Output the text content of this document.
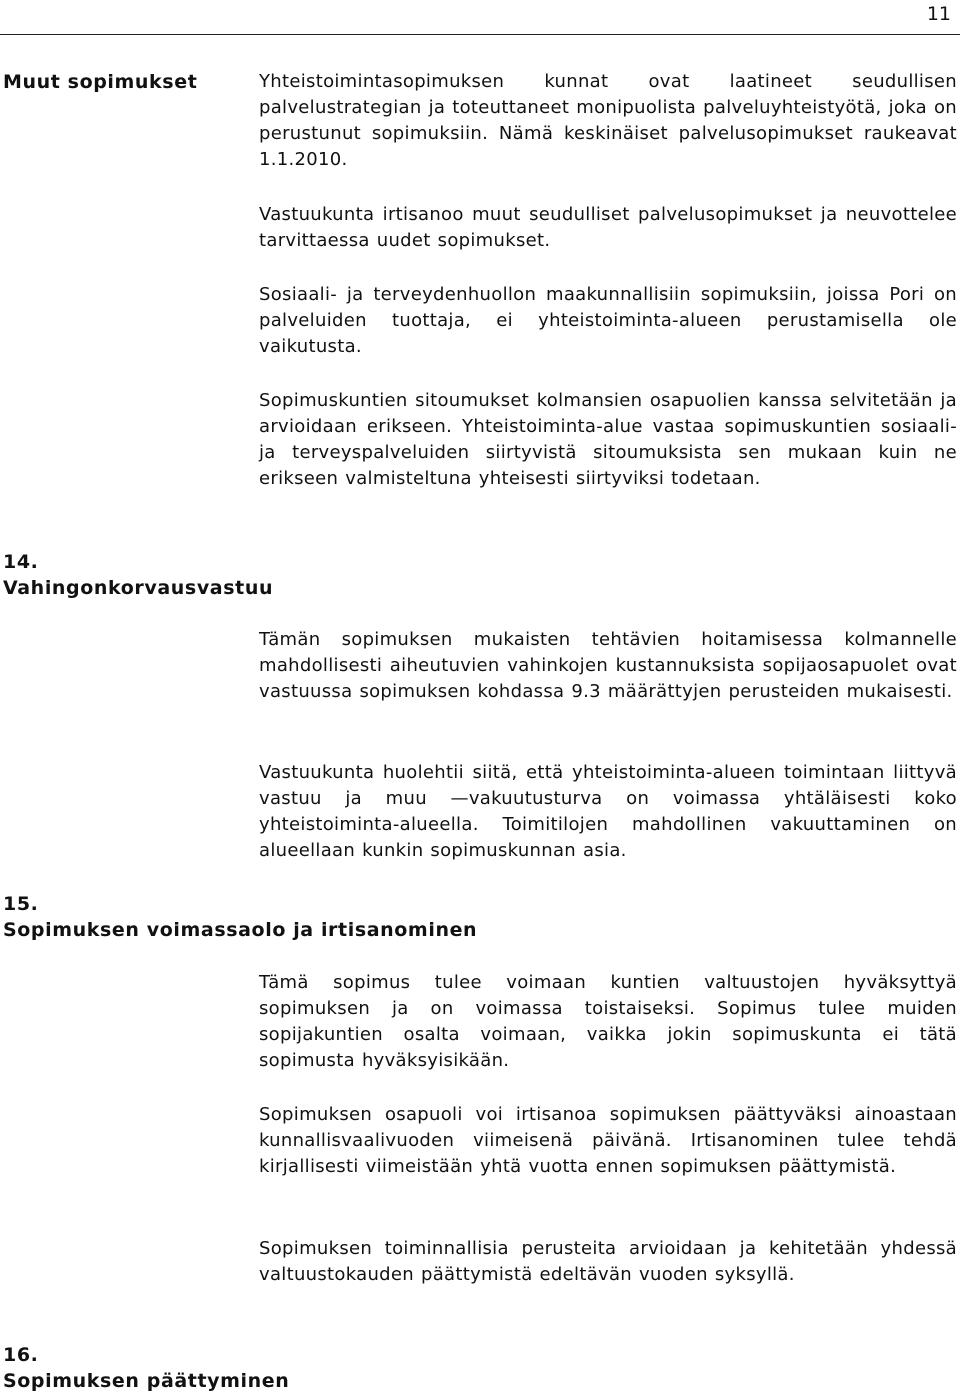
11
Muut sopimukset	Yhteistoimintasopimuksen kunnat ovat laatineet seudullisen palvelustrategian ja toteuttaneet monipuolista palveluyhteistyötä, joka on perustunut sopimuksiin. Nämä keskinäiset palvelusopimukset raukeavat 1.1.2010.

Vastuukunta irtisanoo muut seudulliset palvelusopimukset ja neuvottelee tarvittaessa uudet sopimukset.

Sosiaali- ja terveydenhuollon maakunnallisiin sopimuksiin, joissa Pori on palveluiden tuottaja, ei yhteistoiminta-alueen perustamisella ole vaikutusta.

Sopimuskuntien sitoumukset kolmansien osapuolien kanssa selvitetään ja arvioidaan erikseen. Yhteistoiminta-alue vastaa sopimuskuntien sosiaali- ja terveyspalveluiden siirtyvistä sitoumuksista sen mukaan kuin ne erikseen valmisteltuna yhteisesti siirtyviksi todetaan.

14.
Vahingonkorvausvastuu

Tämän sopimuksen mukaisten tehtävien hoitamisessa kolmannelle mahdollisesti aiheutuvien vahinkojen kustannuksista sopijaosapuolet ovat vastuussa sopimuksen kohdassa 9.3 määrättyjen perusteiden mukaisesti.

Vastuukunta huolehtii siitä, että yhteistoiminta-alueen toimintaan liittyvä vastuu ja muu —vakuutusturva on voimassa yhtäläisesti koko yhteistoiminta-alueella. Toimitilojen mahdollinen vakuuttaminen on alueellaan kunkin sopimuskunnan asia.

15.
Sopimuksen voimassaolo ja irtisanominen

Tämä sopimus tulee voimaan kuntien valtuustojen hyväksyttyä sopimuksen ja on voimassa toistaiseksi. Sopimus tulee muiden sopijakuntien osalta voimaan, vaikka jokin sopimuskunta ei tätä sopimusta hyväksyisikään.

Sopimuksen osapuoli voi irtisanoa sopimuksen päättyväksi ainoastaan kunnallisvaalivuoden viimeisenä päivänä. Irtisanominen tulee tehdä kirjallisesti viimeistään yhtä vuotta ennen sopimuksen päättymistä.

Sopimuksen toiminnallisia perusteita arvioidaan ja kehitetään yhdessä valtuustokauden päättymistä edeltävän vuoden syksyllä.

16.
Sopimuksen päättyminen
